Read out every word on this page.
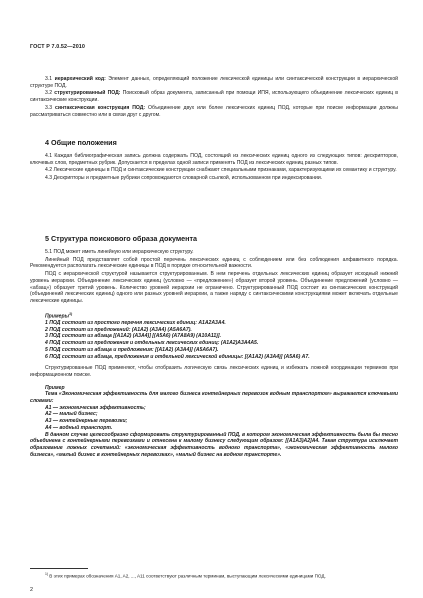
ГОСТ Р 7.0.52—2010

3.1 иерархический код: Элемент данных, определяющий положение лексической единицы или синтаксической конструкции в иерархической структуре ПОД.

3.2 структурированный ПОД: Поисковый образ документа, записанный при помощи ИПЯ, использующего объединение лексических единиц в синтаксические конструкции.

3.3 синтаксическая конструкция ПОД: Объединение двух или более лексических единиц ПОД, которые при поиске информации должны рассматриваться совместно или в связи друг с другом.

4 Общие положения

4.1 Каждая библиографическая запись должна содержать ПОД, состоящий из лексических единиц одного из следующих типов: дескрипторов, ключевых слов, предметных рубрик. Допускается в пределах одной записи применять ПОД из лексических единиц разных типов.

4.2 Лексические единицы в ПОД и синтаксические конструкции снабжают специальными признаками, характеризующими их семантику и структуру.

4.3 Дескрипторы и предметные рубрики сопровождаются словарной ссылкой, использованном при индексировании.

5 Структура поискового образа документа

5.1 ПОД может иметь линейную или иерархическую структуру.

Линейный ПОД представляет собой простой перечень лексических единиц с соблюдением или без соблюдения алфавитного порядка. Рекомендуется располагать лексические единицы в ПОД в порядке относительной важности.

ПОД с иерархической структурой называется структурированным. В нем перечень отдельных лексических единиц образует исходный нижний уровень иерархии. Объединение лексических единиц (условно — «предложение») образует второй уровень. Объединение предложений (условно — «абзац») образует третий уровень. Количество уровней иерархии не ограничено. Структурированный ПОД состоит из синтаксических конструкций (объединений лексических единиц) одного или разных уровней иерархии, а также наряду с синтаксическими конструкциями может включать отдельные лексические единицы.

Примеры$^{1)}$

1 ПОД состоит из простого перечня лексических единиц: A1A2A3A4.

2 ПОД состоит из предложений: (A1A2) (A3A4) (A5A6A7).

3 ПОД состоит из абзаца [(A1A2) (A3A4)] [(A5A6) (A7A8A9) (A10A11)].

4 ПОД состоит из предложения и отдельных лексических единиц: (A1A2)A3A4A5.

5 ПОД состоит из абзаца и предложения: [(A1A2) (A3A4)] (A5A6A7).

6 ПОД состоит из абзаца, предложения и отдельной лексической единицы: [(A1A2) (A3A4)] (A5A6) A7.

Структурированные ПОД применяют, чтобы отобразить логическую связь лексических единиц и избежать ложной координации терминов при информационном поиске.

Пример

Тема «Экономическая эффективность для малого бизнеса контейнерных перевозок водным транспортом» выражается ключевыми словами:

A1 — экономическая эффективность;

A2 — малый бизнес;

A3 — контейнерные перевозки;

A4 — водный транспорт.

В данном случае целесообразно сформировать структурированный ПОД, в котором экономическая эффективность была бы тесно объединена с контейнерными перевозками и отнесена к малому бизнесу следующим образом: [(A1A3)A2]A4. Такая структура исключает образование ложных сочетаний: «экономическая эффективность водного транспорта», «экономическая эффективность малого бизнеса», «малый бизнес в контейнерных перевозках», «малый бизнес на водном транспорте».

$^{1)}$ В этих примерах обозначения A1, A2, ..., A11 соответствуют различным терминам, выступающим лексическими единицами ПОД.

2
